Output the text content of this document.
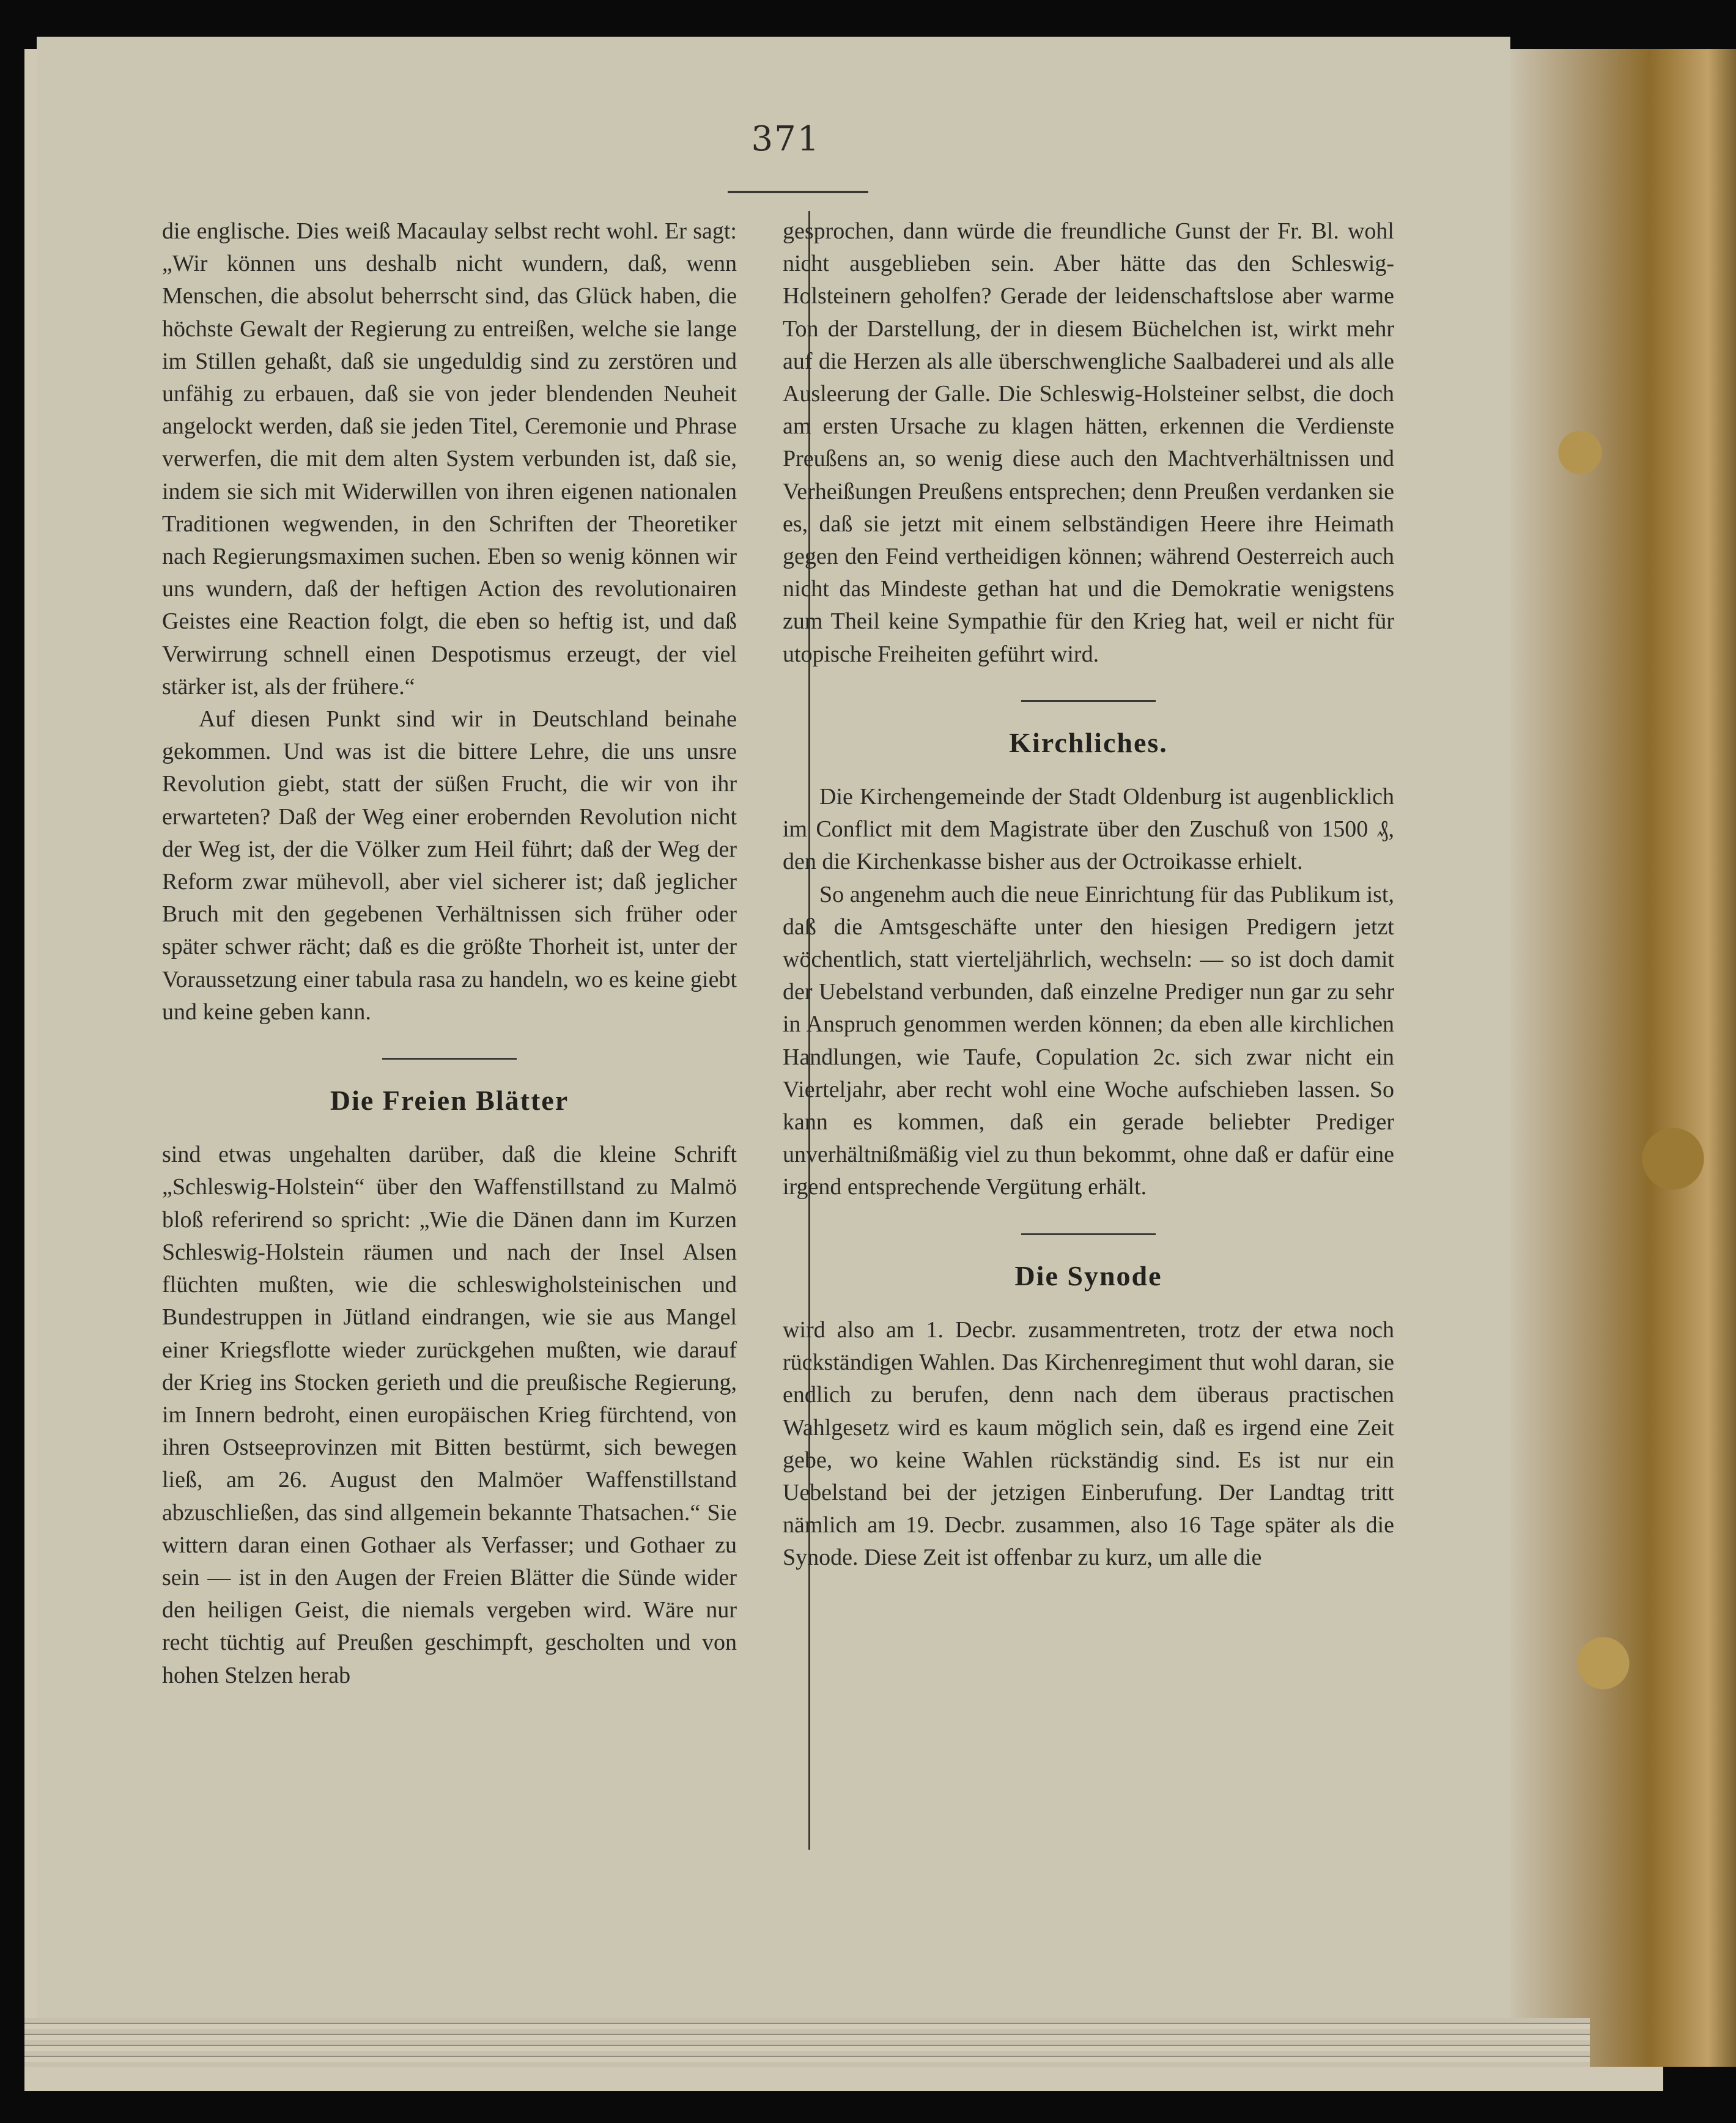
371

die englische. Dies weiß Macaulay selbst recht wohl. Er sagt: „Wir können uns deshalb nicht wundern, daß, wenn Menschen, die absolut beherrscht sind, das Glück haben, die höchste Gewalt der Regierung zu entreißen, welche sie lange im Stillen gehaßt, daß sie ungeduldig sind zu zerstören und unfähig zu erbauen, daß sie von jeder blendenden Neuheit angelockt werden, daß sie jeden Titel, Ceremonie und Phrase verwerfen, die mit dem alten System verbunden ist, daß sie, indem sie sich mit Widerwillen von ihren eigenen nationalen Traditionen wegwenden, in den Schriften der Theoretiker nach Regierungsmaximen suchen. Eben so wenig können wir uns wundern, daß der heftigen Action des revolutionairen Geistes eine Reaction folgt, die eben so heftig ist, und daß Verwirrung schnell einen Despotismus erzeugt, der viel stärker ist, als der frühere.“

Auf diesen Punkt sind wir in Deutschland beinahe gekommen. Und was ist die bittere Lehre, die uns unsre Revolution giebt, statt der süßen Frucht, die wir von ihr erwarteten? Daß der Weg einer erobernden Revolution nicht der Weg ist, der die Völker zum Heil führt; daß der Weg der Reform zwar mühevoll, aber viel sicherer ist; daß jeglicher Bruch mit den gegebenen Verhältnissen sich früher oder später schwer rächt; daß es die größte Thorheit ist, unter der Voraussetzung einer tabula rasa zu handeln, wo es keine giebt und keine geben kann.

Die Freien Blätter

sind etwas ungehalten darüber, daß die kleine Schrift „Schleswig-Holstein“ über den Waffenstillstand zu Malmö bloß referirend so spricht: „Wie die Dänen dann im Kurzen Schleswig-Holstein räumen und nach der Insel Alsen flüchten mußten, wie die schleswigholsteinischen und Bundestruppen in Jütland eindrangen, wie sie aus Mangel einer Kriegsflotte wieder zurückgehen mußten, wie darauf der Krieg ins Stocken gerieth und die preußische Regierung, im Innern bedroht, einen europäischen Krieg fürchtend, von ihren Ostseeprovinzen mit Bitten bestürmt, sich bewegen ließ, am 26. August den Malmöer Waffenstillstand abzuschließen, das sind allgemein bekannte Thatsachen.“ Sie wittern daran einen Gothaer als Verfasser; und Gothaer zu sein — ist in den Augen der Freien Blätter die Sünde wider den heiligen Geist, die niemals vergeben wird. Wäre nur recht tüchtig auf Preußen geschimpft, gescholten und von hohen Stelzen herab

gesprochen, dann würde die freundliche Gunst der Fr. Bl. wohl nicht ausgeblieben sein. Aber hätte das den Schleswig-Holsteinern geholfen? Gerade der leidenschaftslose aber warme Ton der Darstellung, der in diesem Büchelchen ist, wirkt mehr auf die Herzen als alle überschwengliche Saalbaderei und als alle Ausleerung der Galle. Die Schleswig-Holsteiner selbst, die doch am ersten Ursache zu klagen hätten, erkennen die Verdienste Preußens an, so wenig diese auch den Machtverhältnissen und Verheißungen Preußens entsprechen; denn Preußen verdanken sie es, daß sie jetzt mit einem selbständigen Heere ihre Heimath gegen den Feind vertheidigen können; während Oesterreich auch nicht das Mindeste gethan hat und die Demokratie wenigstens zum Theil keine Sympathie für den Krieg hat, weil er nicht für utopische Freiheiten geführt wird.

Kirchliches.

Die Kirchengemeinde der Stadt Oldenburg ist augenblicklich im Conflict mit dem Magistrate über den Zuschuß von 1500 ₰, den die Kirchenkasse bisher aus der Octroikasse erhielt.

So angenehm auch die neue Einrichtung für das Publikum ist, daß die Amtsgeschäfte unter den hiesigen Predigern jetzt wöchentlich, statt vierteljährlich, wechseln: — so ist doch damit der Uebelstand verbunden, daß einzelne Prediger nun gar zu sehr in Anspruch genommen werden können; da eben alle kirchlichen Handlungen, wie Taufe, Copulation 2c. sich zwar nicht ein Vierteljahr, aber recht wohl eine Woche aufschieben lassen. So kann es kommen, daß ein gerade beliebter Prediger unverhältnißmäßig viel zu thun bekommt, ohne daß er dafür eine irgend entsprechende Vergütung erhält.

Die Synode

wird also am 1. Decbr. zusammentreten, trotz der etwa noch rückständigen Wahlen. Das Kirchenregiment thut wohl daran, sie endlich zu berufen, denn nach dem überaus practischen Wahlgesetz wird es kaum möglich sein, daß es irgend eine Zeit gebe, wo keine Wahlen rückständig sind. Es ist nur ein Uebelstand bei der jetzigen Einberufung. Der Landtag tritt nämlich am 19. Decbr. zusammen, also 16 Tage später als die Synode. Diese Zeit ist offenbar zu kurz, um alle die
